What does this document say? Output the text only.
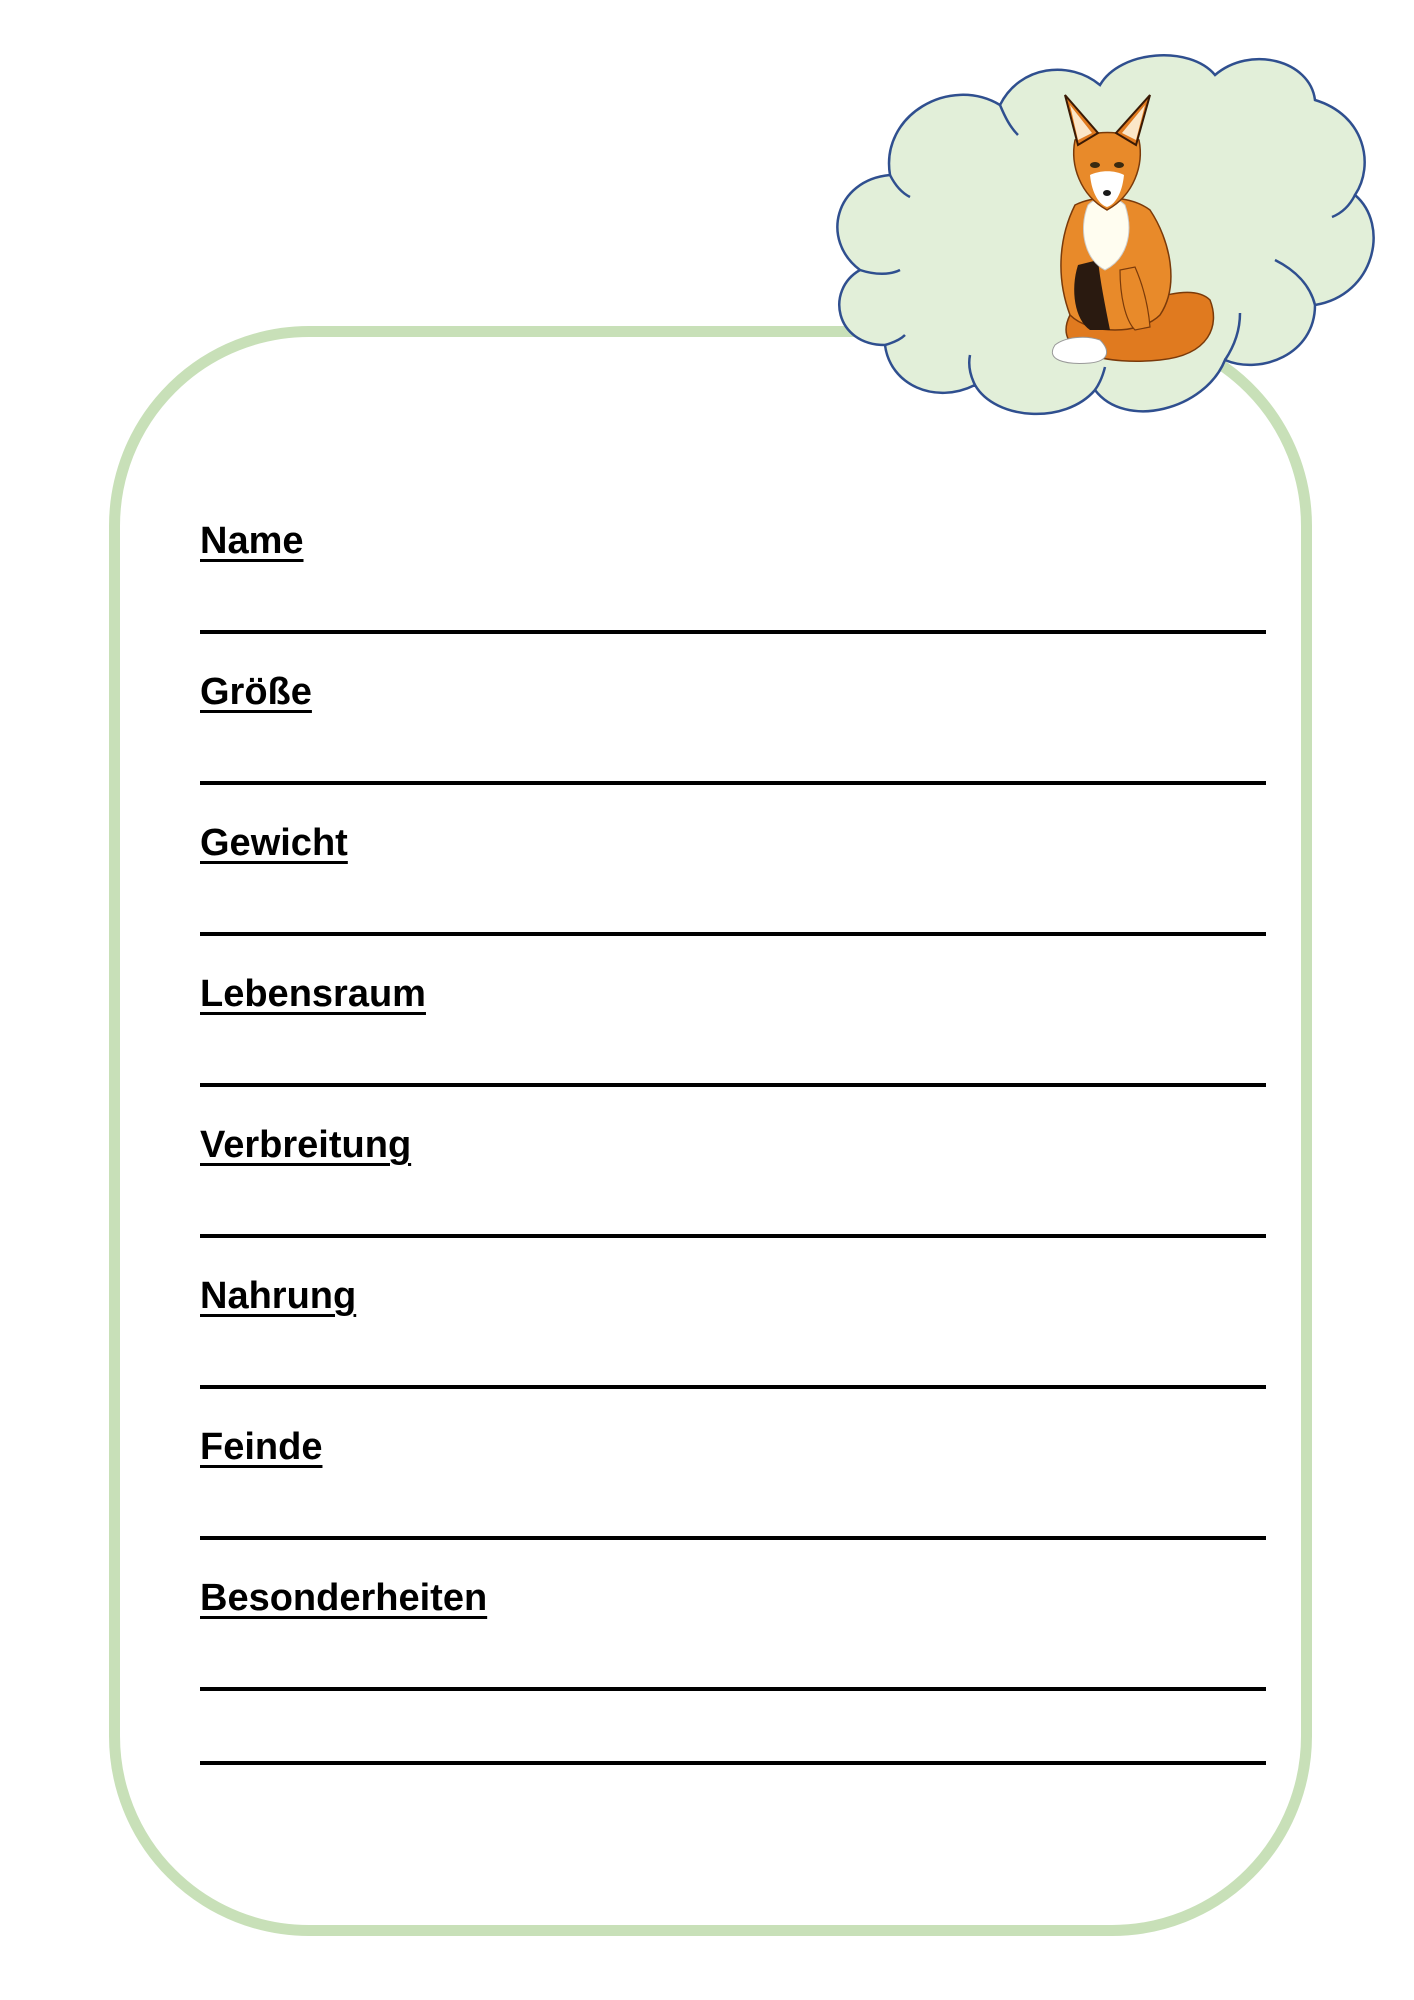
Name
Größe
Gewicht
Lebensraum
Verbreitung
Nahrung
Feinde
Besonderheiten
